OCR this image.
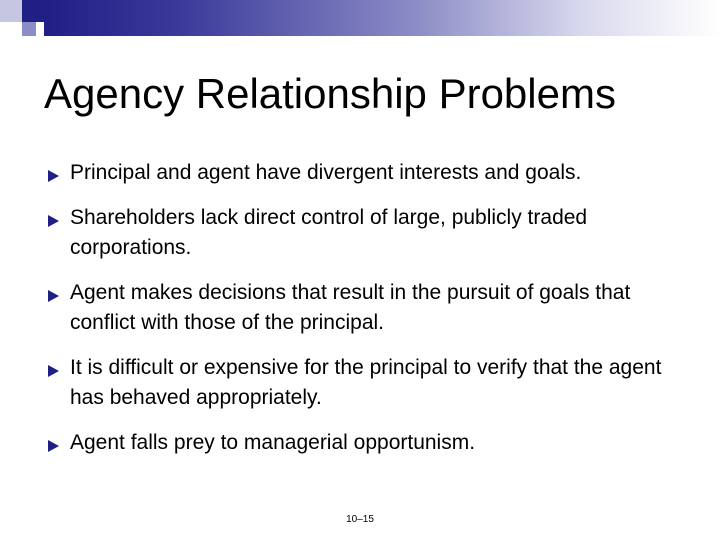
Agency Relationship Problems
Principal and agent have divergent interests and goals.
Shareholders lack direct control of large, publicly traded corporations.
Agent makes decisions that result in the pursuit of goals that conflict with those of the principal.
It is difficult or expensive for the principal to verify that the agent has behaved appropriately.
Agent falls prey to managerial opportunism.
10–15
